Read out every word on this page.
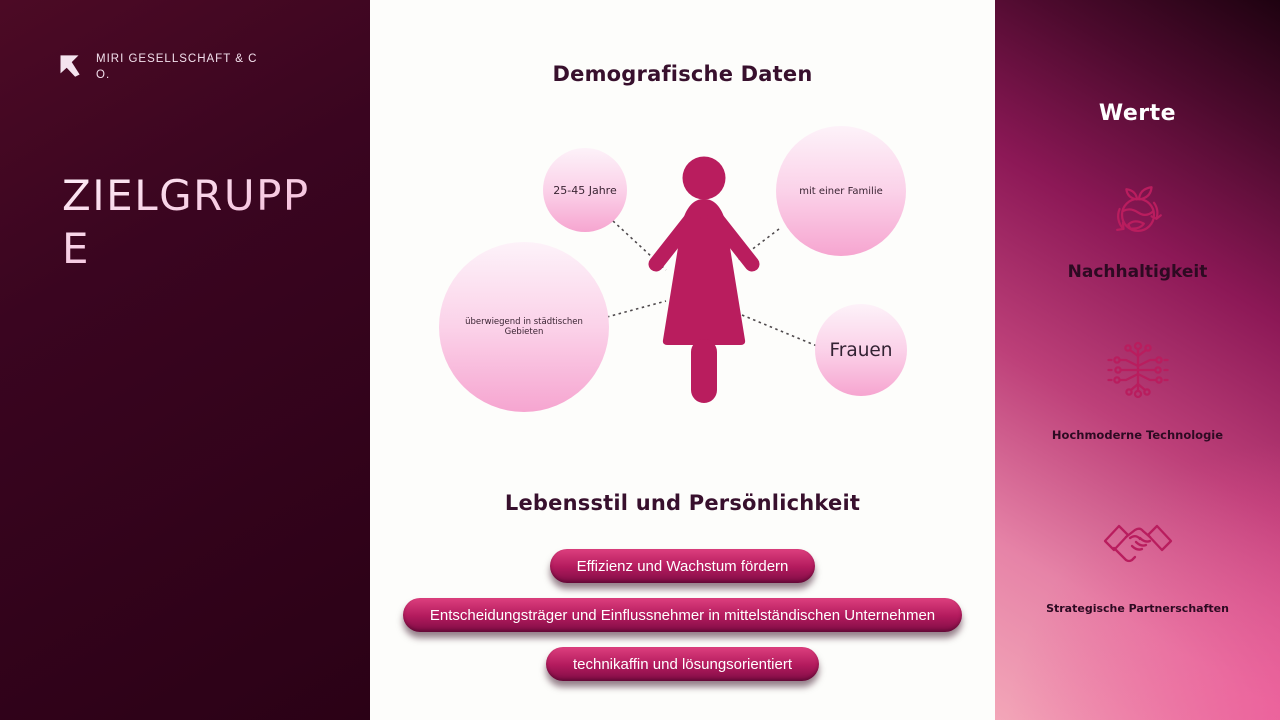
MIRI GESELLSCHAFT & C
O.
ZIELGRUPP
E
Demografische Daten
25-45 Jahre	mit einer Familie
überwiegend in städtischen Gebieten
Frauen
Lebensstil und Persönlichkeit
Effizienz und Wachstum fördern
Entscheidungsträger und Einflussnehmer in mittelständischen Unternehmen
technikaffin und lösungsorientiert
Werte
Nachhaltigkeit
Hochmoderne Technologie
Strategische Partnerschaften
